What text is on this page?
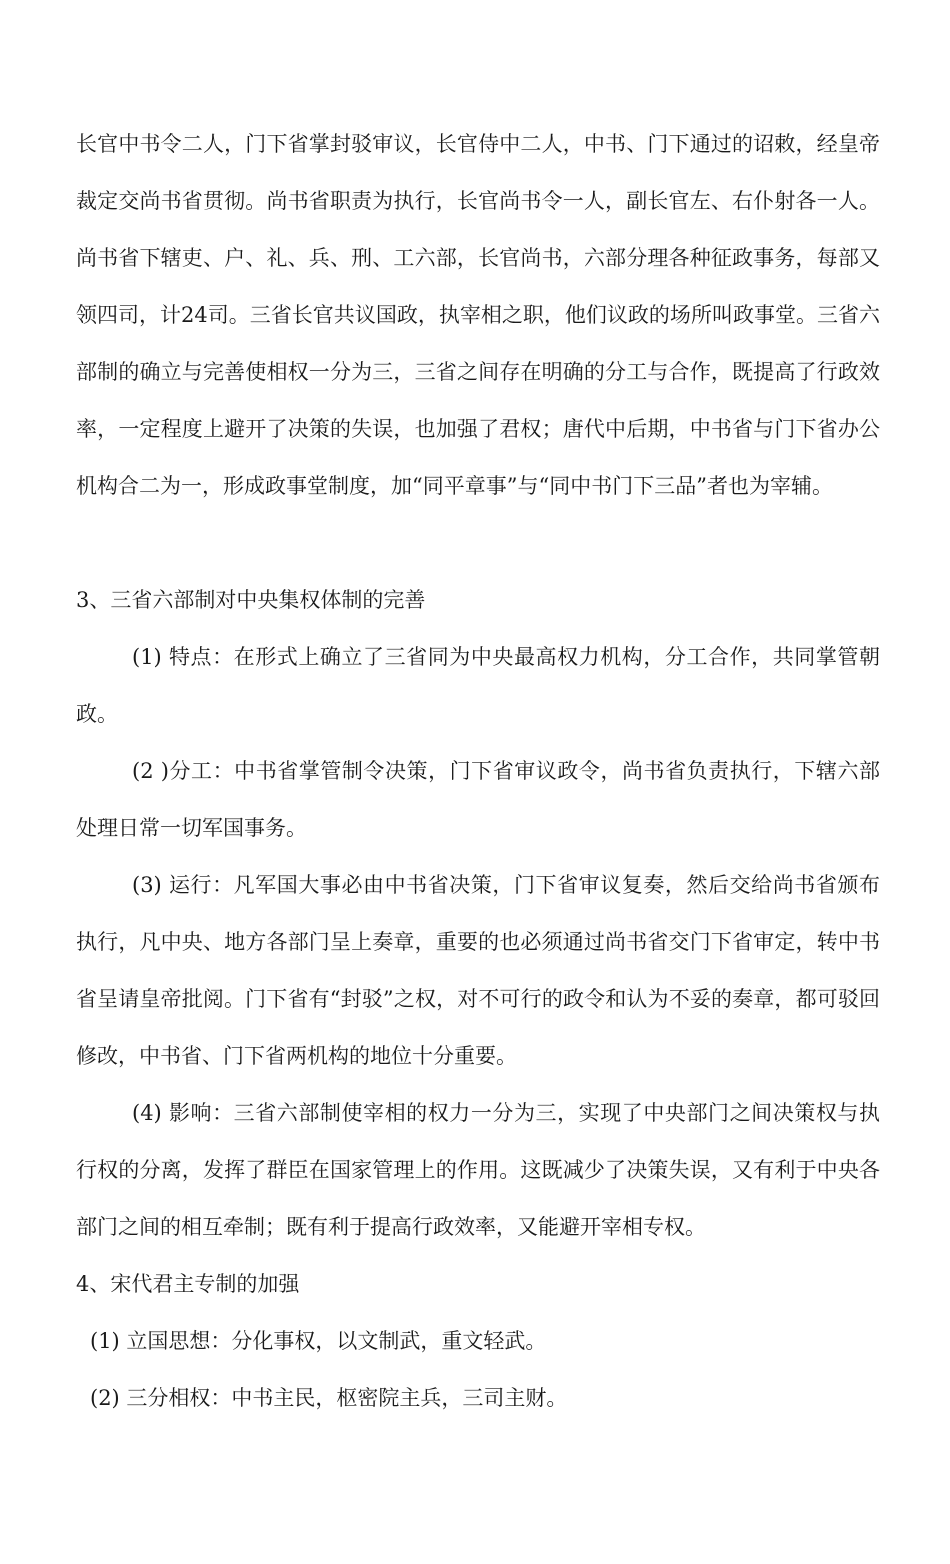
长官中书令二人，门下省掌封驳审议，长官侍中二人，中书、门下通过的诏敕，经皇帝裁定交尚书省贯彻。尚书省职责为执行，长官尚书令一人，副长官左、右仆射各一人。尚书省下辖吏、户、礼、兵、刑、工六部，长官尚书，六部分理各种征政事务，每部又领四司，计24司。三省长官共议国政，执宰相之职，他们议政的场所叫政事堂。三省六部制的确立与完善使相权一分为三，三省之间存在明确的分工与合作，既提高了行政效率，一定程度上避开了决策的失误，也加强了君权；唐代中后期，中书省与门下省办公机构合二为一，形成政事堂制度，加“同平章事”与“同中书门下三品”者也为宰辅。

3、三省六部制对中央集权体制的完善

(1) 特点：在形式上确立了三省同为中央最高权力机构，分工合作，共同掌管朝政。

(2 )分工：中书省掌管制令决策，门下省审议政令，尚书省负责执行，下辖六部处理日常一切军国事务。

(3) 运行：凡军国大事必由中书省决策，门下省审议复奏，然后交给尚书省颁布执行，凡中央、地方各部门呈上奏章，重要的也必须通过尚书省交门下省审定，转中书省呈请皇帝批阅。门下省有“封驳”之权，对不可行的政令和认为不妥的奏章，都可驳回修改，中书省、门下省两机构的地位十分重要。

(4) 影响：三省六部制使宰相的权力一分为三，实现了中央部门之间决策权与执行权的分离，发挥了群臣在国家管理上的作用。这既减少了决策失误，又有利于中央各部门之间的相互牵制；既有利于提高行政效率，又能避开宰相专权。

4、宋代君主专制的加强

(1) 立国思想：分化事权，以文制武，重文轻武。

(2) 三分相权：中书主民，枢密院主兵，三司主财。
